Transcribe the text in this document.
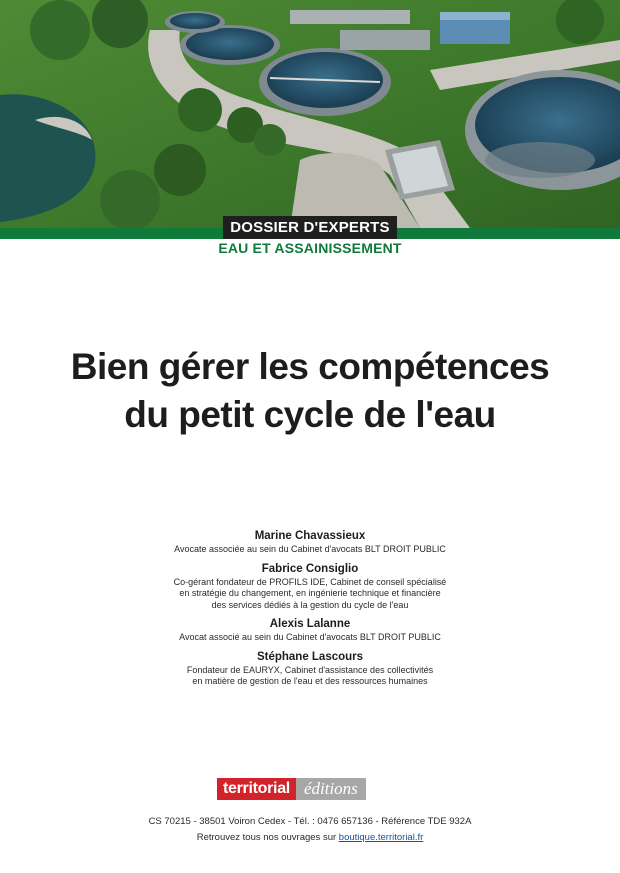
DOSSIER D'EXPERTS
EAU ET ASSAINISSEMENT
Bien gérer les compétences
du petit cycle de l'eau
Marine Chavassieux
Avocate associée au sein du Cabinet d'avocats BLT DROIT PUBLIC
Fabrice Consiglio
Co-gérant fondateur de PROFILS IDE, Cabinet de conseil spécialisé
en stratégie du changement, en ingénierie technique et financière
des services dédiés à la gestion du cycle de l'eau
Alexis Lalanne
Avocat associé au sein du Cabinet d'avocats BLT DROIT PUBLIC
Stéphane Lascours
Fondateur de EAURYX, Cabinet d'assistance des collectivités
en matière de gestion de l'eau et des ressources humaines
territorial éditions
CS 70215 - 38501 Voiron Cedex - Tél. : 0476 657136 - Référence TDE 932A
Retrouvez tous nos ouvrages sur boutique.territorial.fr
